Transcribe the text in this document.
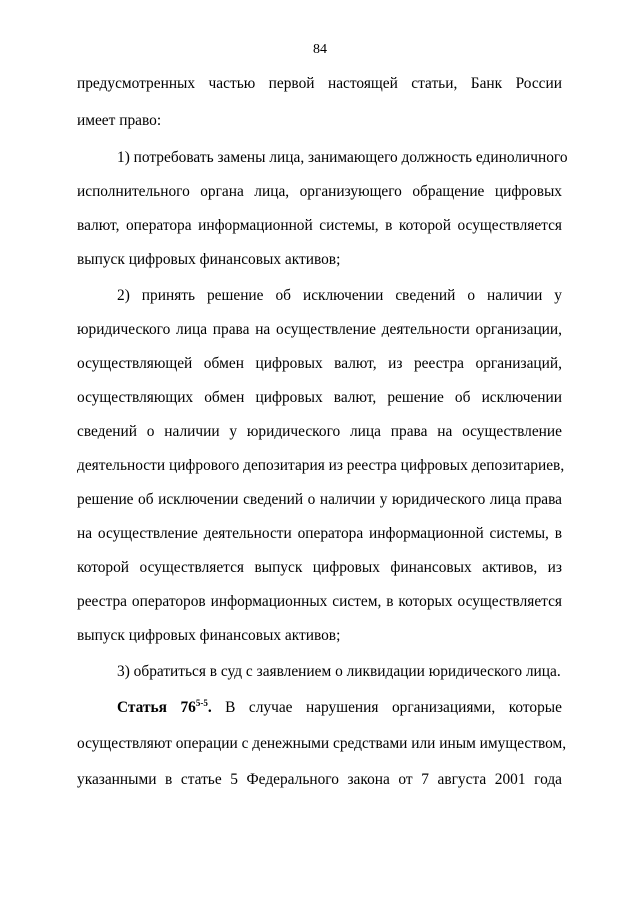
84
предусмотренных частью первой настоящей статьи, Банк России
имеет право:
1) потребовать замены лица, занимающего должность единоличного
исполнительного органа лица, организующего обращение цифровых
валют, оператора информационной системы, в которой осуществляется
выпуск цифровых финансовых активов;
2) принять решение об исключении сведений о наличии у
юридического лица права на осуществление деятельности организации,
осуществляющей обмен цифровых валют, из реестра организаций,
осуществляющих обмен цифровых валют, решение об исключении
сведений о наличии у юридического лица права на осуществление
деятельности цифрового депозитария из реестра цифровых депозитариев,
решение об исключении сведений о наличии у юридического лица права
на осуществление деятельности оператора информационной системы, в
которой осуществляется выпуск цифровых финансовых активов, из
реестра операторов информационных систем, в которых осуществляется
выпуск цифровых финансовых активов;
3) обратиться в суд с заявлением о ликвидации юридического лица.
Статья 76$^{5-5}$. В случае нарушения организациями, которые
осуществляют операции с денежными средствами или иным имуществом,
указанными в статье 5 Федерального закона от 7 августа 2001 года
